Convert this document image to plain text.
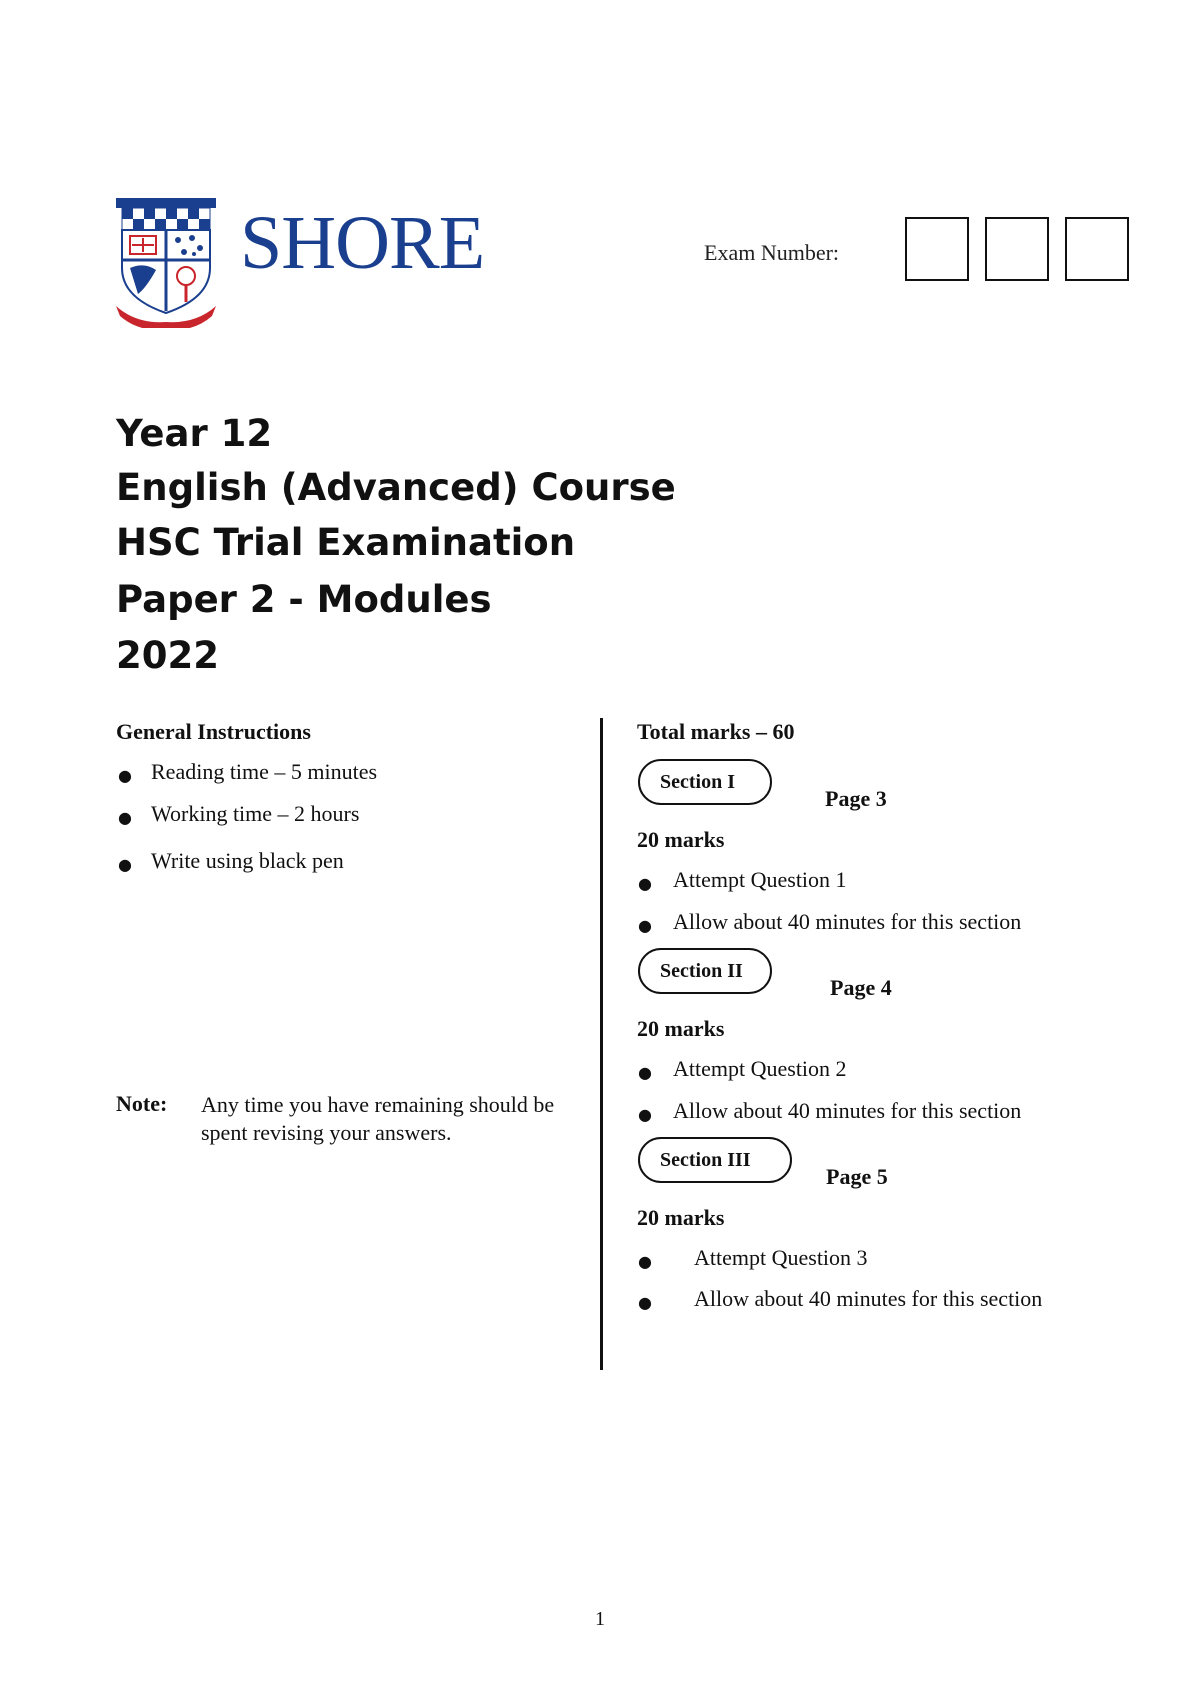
SHORE	Exam Number:
Year 12
English (Advanced) Course
HSC Trial Examination
Paper 2 - Modules
2022
General Instructions
● Reading time – 5 minutes
● Working time – 2 hours
● Write using black pen
Note: Any time you have remaining should be spent revising your answers.
Total marks – 60
Section I
Page 3
20 marks
● Attempt Question 1
● Allow about 40 minutes for this section
Section II
Page 4
20 marks
● Attempt Question 2
● Allow about 40 minutes for this section
Section III
Page 5
20 marks
● Attempt Question 3
● Allow about 40 minutes for this section
1
